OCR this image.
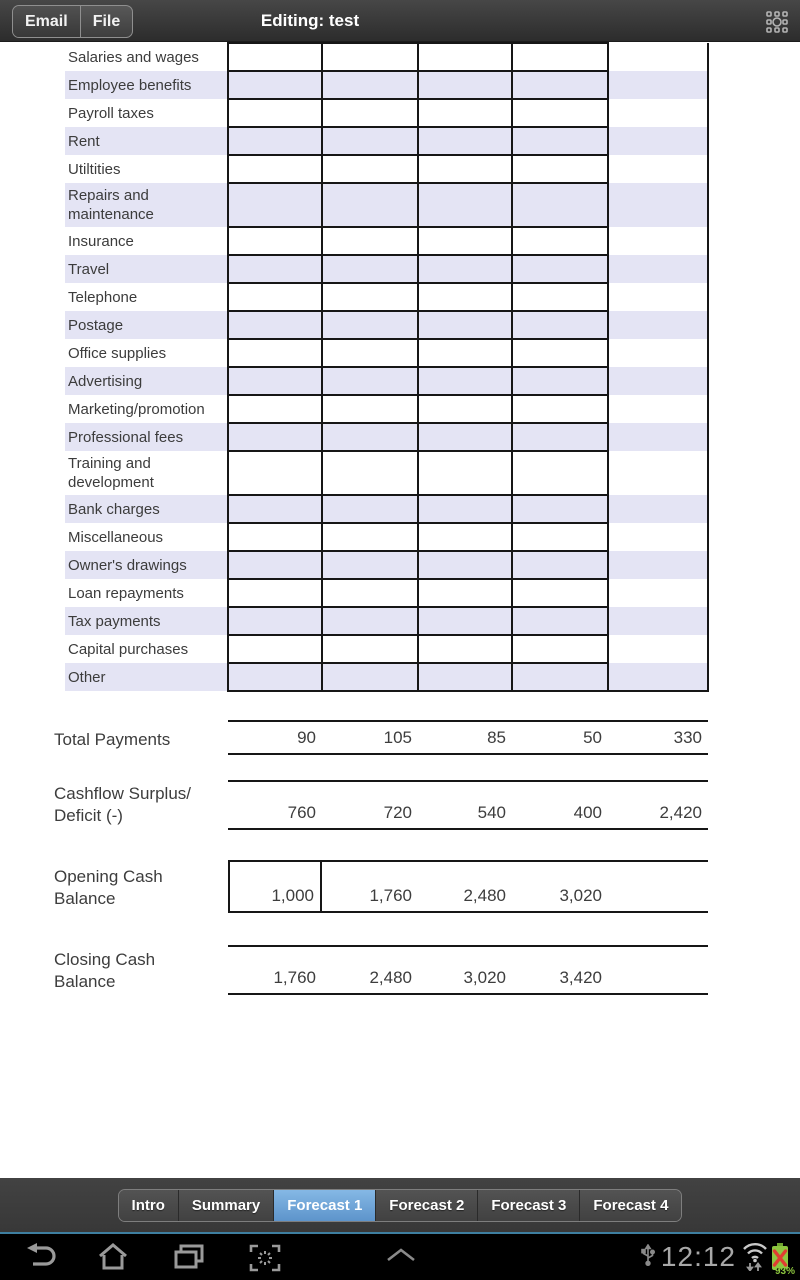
Email	File	Editing: test
Salaries and wages					
Employee benefits					
Payroll taxes					
Rent					
Utiltities					
Repairs and maintenance					
Insurance					
Travel					
Telephone					
Postage					
Office supplies					
Advertising					
Marketing/promotion					
Professional fees					
Training and development					
Bank charges					
Miscellaneous					
Owner's drawings					
Loan repayments					
Tax payments					
Capital purchases					
Other					
Total Payments	90	105	85	50	330
Cashflow Surplus/
Deficit (-)	760	720	540	400	2,420
Opening Cash
Balance	1,000	1,760	2,480	3,020
Closing Cash
Balance	1,760	2,480	3,020	3,420
Intro	Summary	Forecast 1	Forecast 2	Forecast 3	Forecast 4
12:12	93%
